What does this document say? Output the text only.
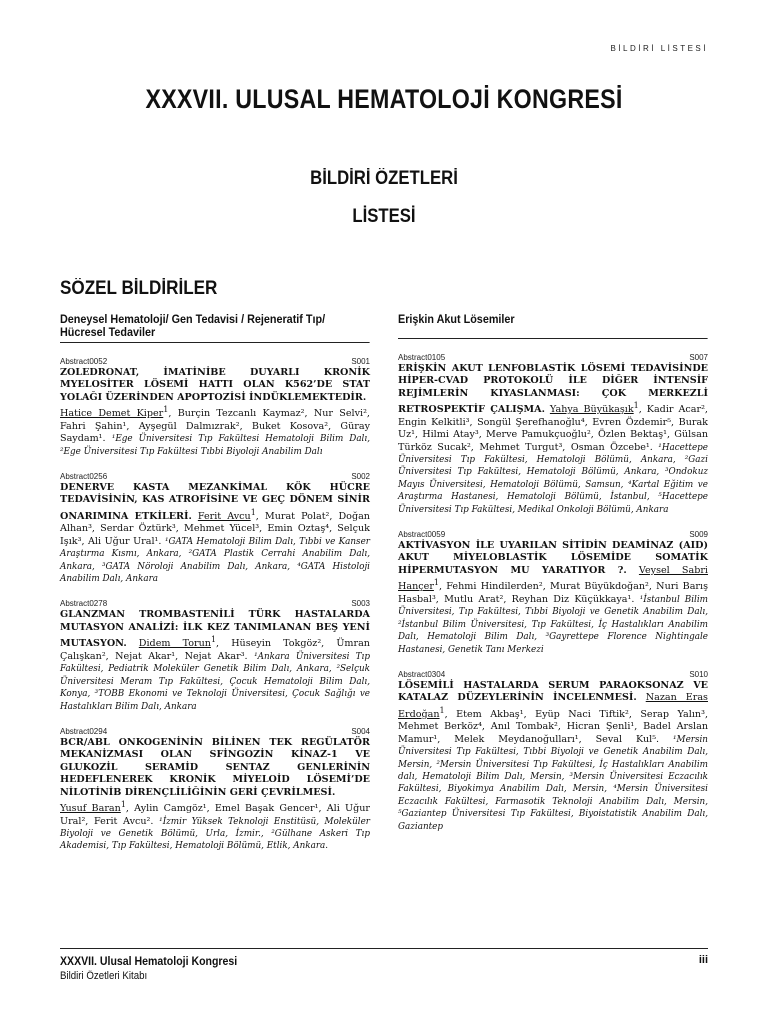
BİLDİRİ LİSTESİ
XXXVII. ULUSAL HEMATOLOJİ KONGRESİ
BİLDİRİ ÖZETLERİ
LİSTESİ
SÖZEL BİLDİRİLER
Deneysel Hematoloji/ Gen Tedavisi / Rejeneratif Tıp/ Hücresel Tedaviler
Abstract0052	S001
ZOLEDRONAT, İMATİNİBE DUYARLI KRONİK MYELOSİTER LÖSEMİ HATTI OLAN K562’DE STAT YOLAĞI ÜZERİNDEN APOPTOZİSİ İNDÜKLEMEKTEDİR.
Hatice Demet Kiper$^1$, Burçin Tezcanlı Kaymaz², Nur Selvi², Fahri Şahin¹, Ayşegül Dalmızrak², Buket Kosova², Güray Saydam¹. ¹Ege Üniversitesi Tıp Fakültesi Hematoloji Bilim Dalı, ²Ege Üniversitesi Tıp Fakültesi Tıbbi Biyoloji Anabilim Dalı
Abstract0256	S002
DENERVE KASTA MEZANKİMAL KÖK HÜCRE TEDAVİSİNİN, KAS ATROFİSİNE VE GEÇ DÖNEM SİNİR ONARIMINA ETKİLERİ. Ferit Avcu$^1$, Murat Polat², Doğan Alhan³, Serdar Öztürk³, Mehmet Yücel³, Emin Oztaş⁴, Selçuk Işık³, Ali Uğur Ural¹. ¹GATA Hematoloji Bilim Dalı, Tıbbi ve Kanser Araştırma Kısmı, Ankara, ²GATA Plastik Cerrahi Anabilim Dalı, Ankara, ³GATA Nöroloji Anabilim Dalı, Ankara, ⁴GATA Histoloji Anabilim Dalı, Ankara
Abstract0278	S003
GLANZMAN TROMBASTENİLİ TÜRK HASTALARDA MUTASYON ANALİZİ: İLK KEZ TANIMLANAN BEŞ YENİ MUTASYON. Didem Torun$^1$, Hüseyin Tokgöz², Ümran Çalışkan², Nejat Akar¹, Nejat Akar³. ¹Ankara Üniversitesi Tıp Fakültesi, Pediatrik Moleküler Genetik Bilim Dalı, Ankara, ²Selçuk Üniversitesi Meram Tıp Fakültesi, Çocuk Hematoloji Bilim Dalı, Konya, ³TOBB Ekonomi ve Teknoloji Üniversitesi, Çocuk Sağlığı ve Hastalıkları Bilim Dalı, Ankara
Abstract0294	S004
BCR/ABL ONKOGENİNİN BİLİNEN TEK REGÜLATÖR MEKANİZMASI OLAN SFİNGOZİN KİNAZ-1 VE GLUKOZİL SERAMİD SENTAZ GENLERİNİN HEDEFLENEREK KRONİK MİYELOİD LÖSEMİ’DE NİLOTİNİB DİRENÇLİLİĞİNİN GERİ ÇEVRİLMESİ.
Yusuf Baran$^1$, Aylin Camgöz¹, Emel Başak Gencer¹, Ali Uğur Ural², Ferit Avcu². ¹İzmir Yüksek Teknoloji Enstitüsü, Moleküler Biyoloji ve Genetik Bölümü, Urla, İzmir., ²Gülhane Askeri Tıp Akademisi, Tıp Fakültesi, Hematoloji Bölümü, Etlik, Ankara.
Erişkin Akut Lösemiler
Abstract0105	S007
ERİŞKİN AKUT LENFOBLASTİK LÖSEMİ TEDAVİSİNDE HİPER-CVAD PROTOKOLÜ İLE DİĞER İNTENSİF REJİMLERİN KIYASLANMASI: ÇOK MERKEZLİ RETROSPEKTİF ÇALIŞMA. Yahya Büyükaşık$^1$, Kadir Acar², Engin Kelkitli³, Songül Şerefhanoğlu⁴, Evren Özdemir⁵, Burak Uz¹, Hilmi Atay³, Merve Pamukçuoğlu², Özlen Bektaş¹, Gülsan Türköz Sucak², Mehmet Turgut³, Osman Özcebe¹. ¹Hacettepe Üniversitesi Tıp Fakültesi, Hematoloji Bölümü, Ankara, ²Gazi Üniversitesi Tıp Fakültesi, Hematoloji Bölümü, Ankara, ³Ondokuz Mayıs Üniversitesi, Hematoloji Bölümü, Samsun, ⁴Kartal Eğitim ve Araştırma Hastanesi, Hematoloji Bölümü, İstanbul, ⁵Hacettepe Üniversitesi Tıp Fakültesi, Medikal Onkoloji Bölümü, Ankara
Abstract0059	S009
AKTİVASYON İLE UYARILAN SİTİDİN DEAMİNAZ (AID) AKUT MİYELOBLASTİK LÖSEMİDE SOMATİK HİPERMUTASYON MU YARATIYOR ?. Veysel Sabri Hançer$^1$, Fehmi Hindilerden², Murat Büyükdoğan², Nuri Barış Hasbal³, Mutlu Arat², Reyhan Diz Küçükkaya¹. ¹İstanbul Bilim Üniversitesi, Tıp Fakültesi, Tıbbi Biyoloji ve Genetik Anabilim Dalı, ²İstanbul Bilim Üniversitesi, Tıp Fakültesi, İç Hastalıkları Anabilim Dalı, Hematoloji Bilim Dalı, ³Gayrettepe Florence Nightingale Hastanesi, Genetik Tanı Merkezi
Abstract0304	S010
LÖSEMİLİ HASTALARDA SERUM PARAOKSONAZ VE KATALAZ DÜZEYLERİNİN İNCELENMESİ. Nazan Eras Erdoğan$^1$, Etem Akbaş¹, Eyüp Naci Tiftik², Serap Yalın³, Mehmet Berköz⁴, Anıl Tombak², Hicran Şenli¹, Badel Arslan Mamur¹, Melek Meydanoğulları¹, Seval Kul⁵. ¹Mersin Üniversitesi Tıp Fakültesi, Tıbbi Biyoloji ve Genetik Anabilim Dalı, Mersin, ²Mersin Üniversitesi Tıp Fakültesi, İç Hastalıkları Anabilim dalı, Hematoloji Bilim Dalı, Mersin, ³Mersin Üniversitesi Eczacılık Fakültesi, Biyokimya Anabilim Dalı, Mersin, ⁴Mersin Üniversitesi Eczacılık Fakültesi, Farmasotik Teknoloji Anabilim Dalı, Mersin, ⁵Gaziantep Üniversitesi Tıp Fakültesi, Biyoistatistik Anabilim Dalı, Gaziantep
XXXVII. Ulusal Hematoloji Kongresi
Bildiri Özetleri Kitabı
iii
